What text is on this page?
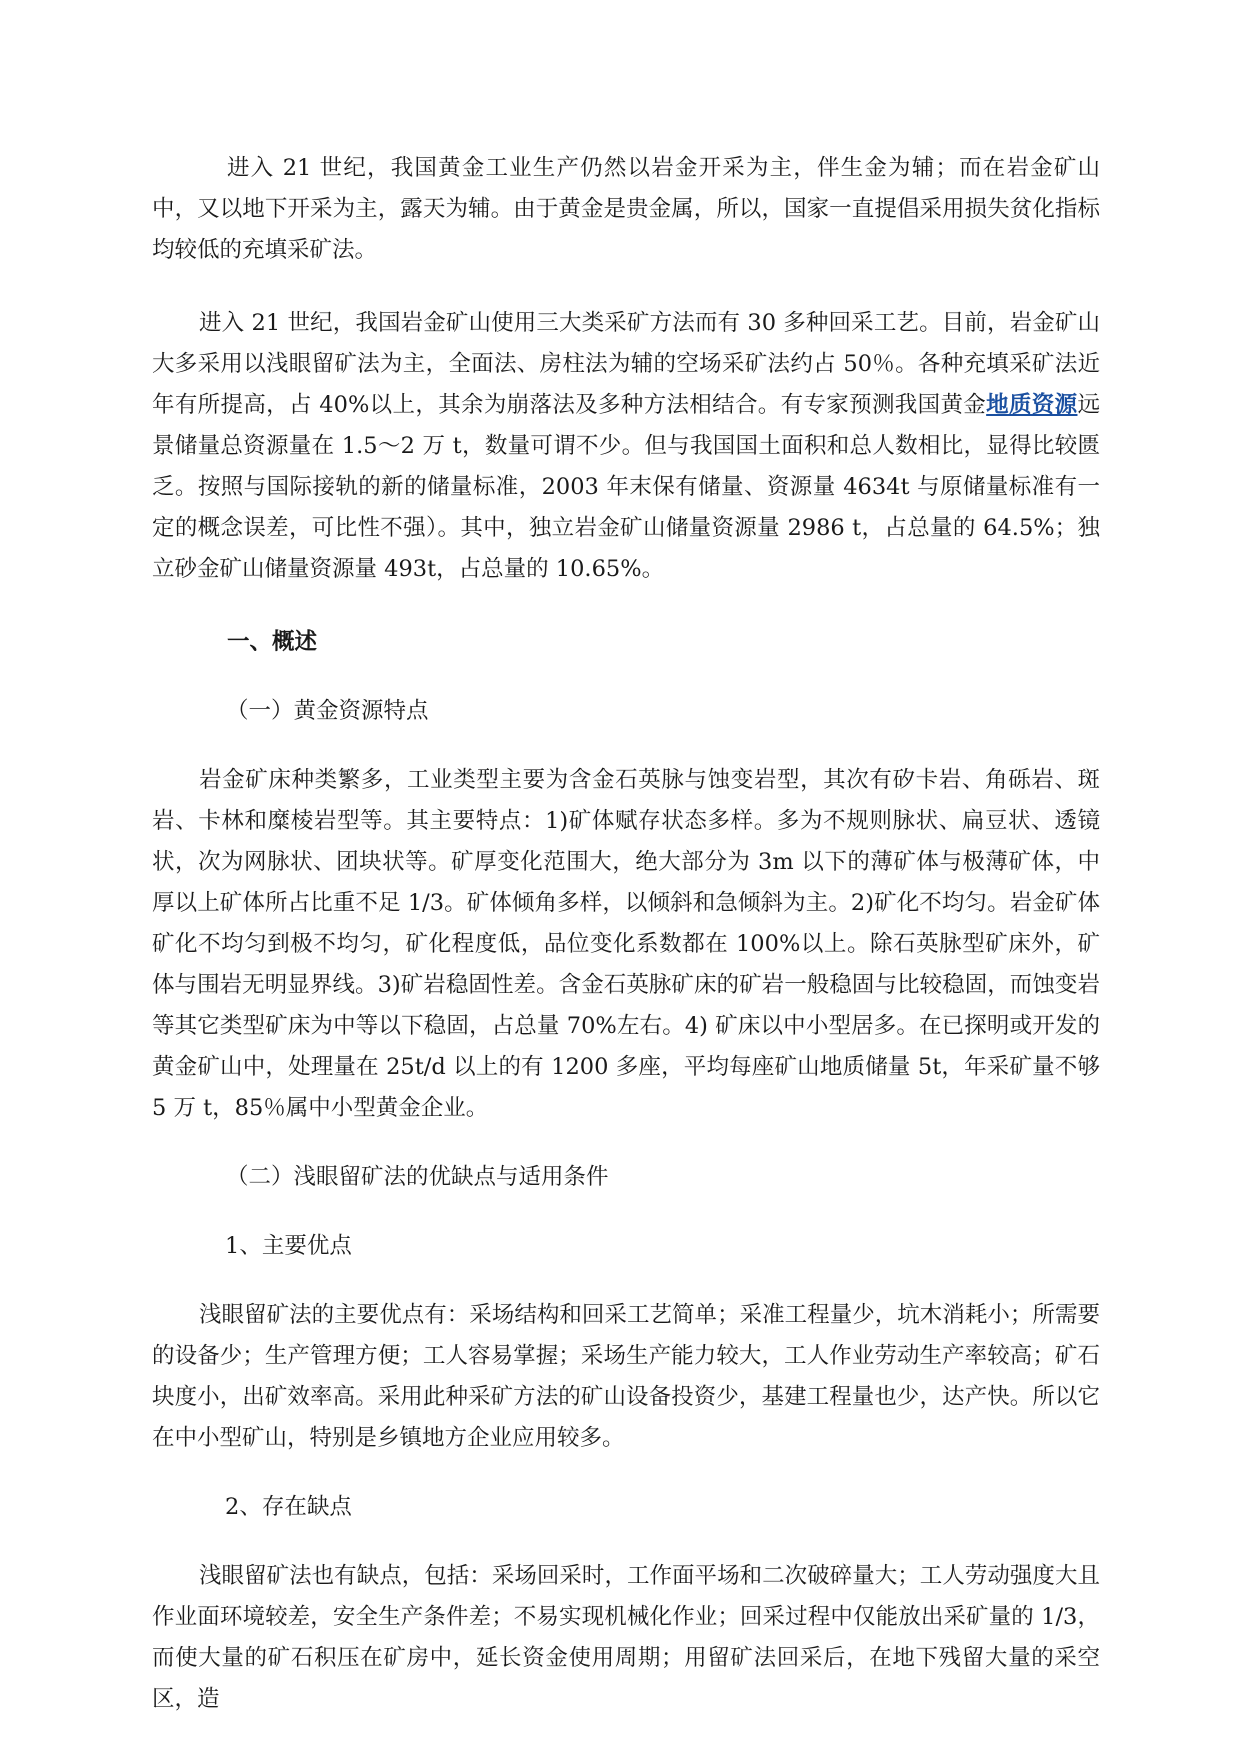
进入 21 世纪，我国黄金工业生产仍然以岩金开采为主，伴生金为辅；而在岩金矿山中，又以地下开采为主，露天为辅。由于黄金是贵金属，所以，国家一直提倡采用损失贫化指标均较低的充填采矿法。

进入 21 世纪，我国岩金矿山使用三大类采矿方法而有 30 多种回采工艺。目前，岩金矿山大多采用以浅眼留矿法为主，全面法、房柱法为辅的空场采矿法约占 50％。各种充填采矿法近年有所提高，占 40%以上，其余为崩落法及多种方法相结合。有专家预测我国黄金地质资源远景储量总资源量在 1.5～2 万 t，数量可谓不少。但与我国国土面积和总人数相比，显得比较匮乏。按照与国际接轨的新的储量标准，2003 年末保有储量、资源量 4634t 与原储量标准有一定的概念误差，可比性不强）。其中，独立岩金矿山储量资源量 2986 t，占总量的 64.5%；独立砂金矿山储量资源量 493t，占总量的 10.65%。

一、概述

（一）黄金资源特点

岩金矿床种类繁多，工业类型主要为含金石英脉与蚀变岩型，其次有矽卡岩、角砾岩、斑岩、卡林和糜棱岩型等。其主要特点：1)矿体赋存状态多样。多为不规则脉状、扁豆状、透镜状，次为网脉状、团块状等。矿厚变化范围大，绝大部分为 3m 以下的薄矿体与极薄矿体，中厚以上矿体所占比重不足 1/3。矿体倾角多样，以倾斜和急倾斜为主。2)矿化不均匀。岩金矿体矿化不均匀到极不均匀，矿化程度低，品位变化系数都在 100%以上。除石英脉型矿床外，矿体与围岩无明显界线。3)矿岩稳固性差。含金石英脉矿床的矿岩一般稳固与比较稳固，而蚀变岩等其它类型矿床为中等以下稳固，占总量 70%左右。4) 矿床以中小型居多。在已探明或开发的黄金矿山中，处理量在 25t/d 以上的有 1200 多座，平均每座矿山地质储量 5t，年采矿量不够 5 万 t，85％属中小型黄金企业。

（二）浅眼留矿法的优缺点与适用条件

1、主要优点

浅眼留矿法的主要优点有：采场结构和回采工艺简单；采准工程量少，坑木消耗小；所需要的设备少；生产管理方便；工人容易掌握；采场生产能力较大，工人作业劳动生产率较高；矿石块度小，出矿效率高。采用此种采矿方法的矿山设备投资少，基建工程量也少，达产快。所以它在中小型矿山，特别是乡镇地方企业应用较多。

2、存在缺点

浅眼留矿法也有缺点，包括：采场回采时，工作面平场和二次破碎量大；工人劳动强度大且作业面环境较差，安全生产条件差；不易实现机械化作业；回采过程中仅能放出采矿量的 1/3，而使大量的矿石积压在矿房中，延长资金使用周期；用留矿法回采后，在地下残留大量的采空区，造
